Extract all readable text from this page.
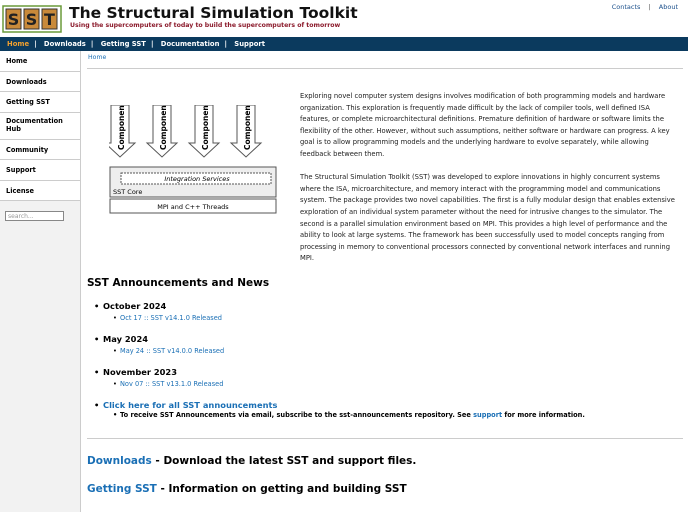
S S T The Structural Simulation Toolkit
Using the supercomputers of today to build the supercomputers of tomorrow
Contacts | About
Home | Downloads | Getting SST | Documentation | Support
Home
Downloads
Getting SST
Documentation Hub
Community
Support
License
search...
Home
Component	Component	Component	Component
Integration Services
SST Core
MPI and C++ Threads

Exploring novel computer system designs involves modification of both programming models and hardware organization. This exploration is frequently made difficult by the lack of compiler tools, well defined ISA features, or complete microarchitectural definitions. Premature definition of hardware or software limits the flexibility of the other. However, without such assumptions, neither software or hardware can progress. A key goal is to allow programming models and the underlying hardware to evolve separately, while allowing feedback between them.

The Structural Simulation Toolkit (SST) was developed to explore innovations in highly concurrent systems where the ISA, microarchitecture, and memory interact with the programming model and communications system. The package provides two novel capabilities. The first is a fully modular design that enables extensive exploration of an individual system parameter without the need for intrusive changes to the simulator. The second is a parallel simulation environment based on MPI. This provides a high level of performance and the ability to look at large systems. The framework has been successfully used to model concepts ranging from processing in memory to conventional processors connected by conventional network interfaces and running MPI.

SST Announcements and News
• October 2024
• Oct 17 :: SST v14.1.0 Released
• May 2024
• May 24 :: SST v14.0.0 Released
• November 2023
• Nov 07 :: SST v13.1.0 Released
• Click here for all SST announcements
• To receive SST Announcements via email, subscribe to the sst-announcements repository. See support for more information.
Downloads - Download the latest SST and support files.
Getting SST - Information on getting and building SST
